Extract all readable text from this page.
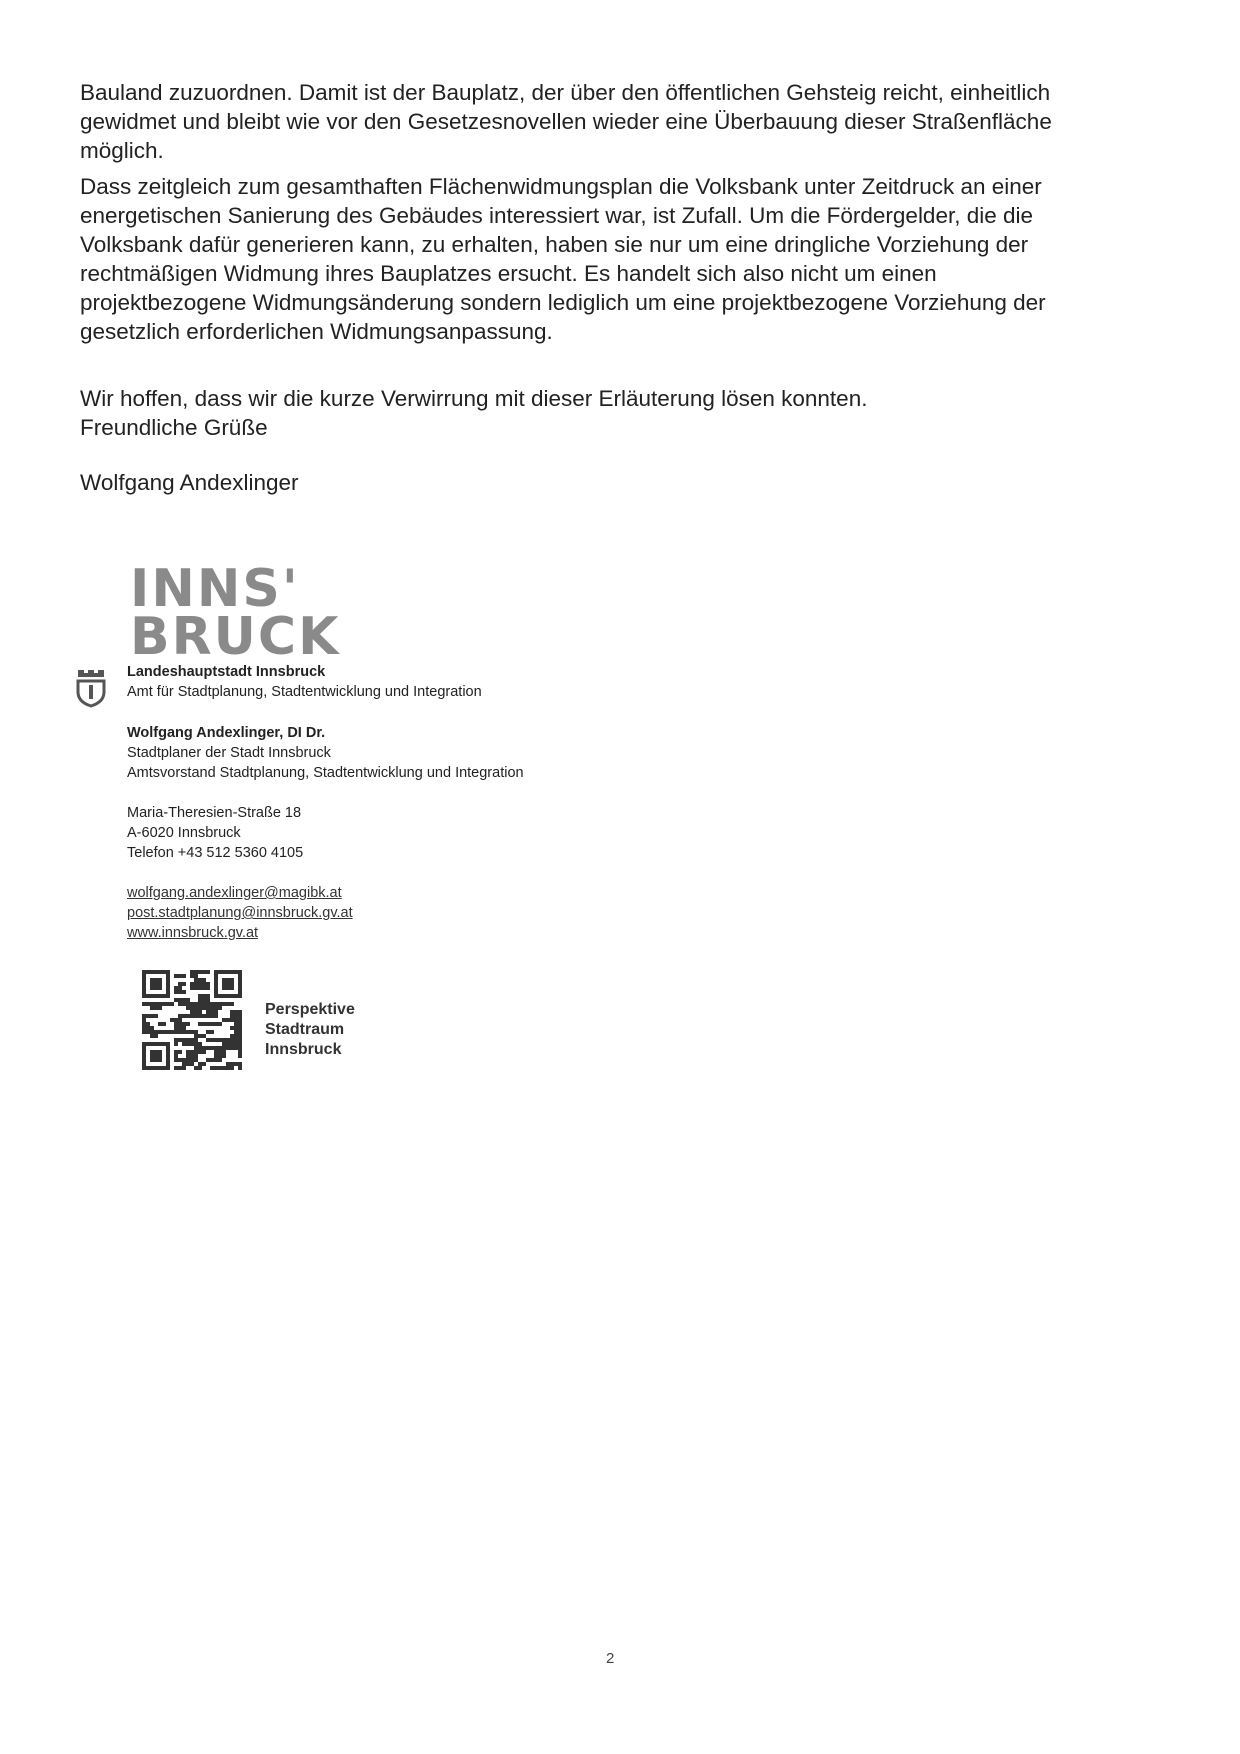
Bauland zuzuordnen. Damit ist der Bauplatz, der über den öffentlichen Gehsteig reicht, einheitlich
gewidmet und bleibt wie vor den Gesetzesnovellen wieder eine Überbauung dieser Straßenfläche
möglich.
Dass zeitgleich zum gesamthaften Flächenwidmungsplan die Volksbank unter Zeitdruck an einer
energetischen Sanierung des Gebäudes interessiert war, ist Zufall. Um die Fördergelder, die die
Volksbank dafür generieren kann, zu erhalten, haben sie nur um eine dringliche Vorziehung der
rechtmäßigen Widmung ihres Bauplatzes ersucht. Es handelt sich also nicht um einen
projektbezogene Widmungsänderung sondern lediglich um eine projektbezogene Vorziehung der
gesetzlich erforderlichen Widmungsanpassung.
Wir hoffen, dass wir die kurze Verwirrung mit dieser Erläuterung lösen konnten.
Freundliche Grüße
Wolfgang Andexlinger
INNS'
BRUCK
Landeshauptstadt Innsbruck
Amt für Stadtplanung, Stadtentwicklung und Integration
Wolfgang Andexlinger, DI Dr.
Stadtplaner der Stadt Innsbruck
Amtsvorstand Stadtplanung, Stadtentwicklung und Integration
Maria-Theresien-Straße 18
A-6020 Innsbruck
Telefon +43 512 5360 4105
wolfgang.andexlinger@magibk.at
post.stadtplanung@innsbruck.gv.at
www.innsbruck.gv.at
Perspektive
Stadtraum
Innsbruck
2
